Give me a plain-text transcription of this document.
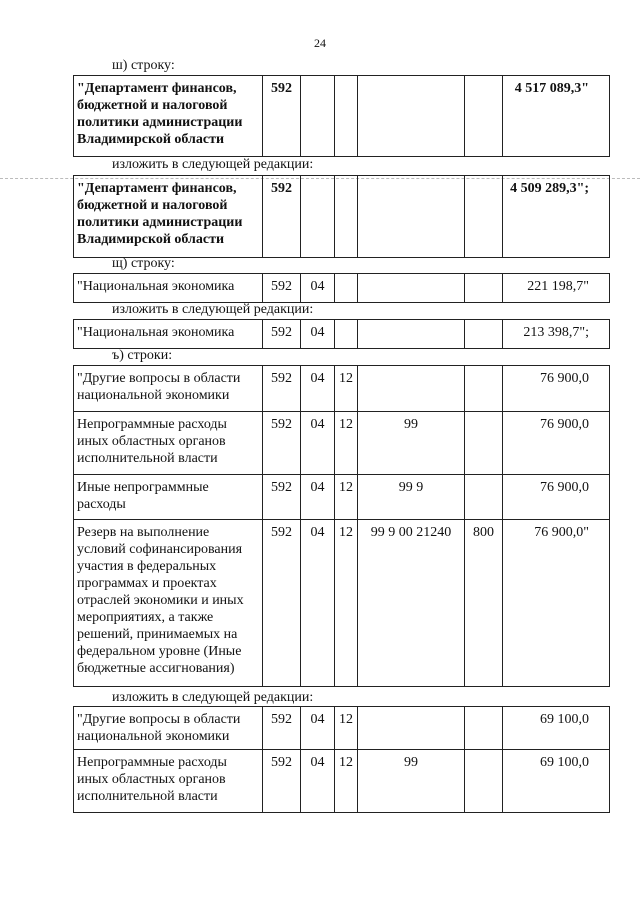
24
ш) строку:
"Департамент финансов, бюджетной и налоговой политики администрации Владимирской области	592					4 517 089,3"
изложить в следующей редакции:
"Департамент финансов, бюджетной и налоговой политики администрации Владимирской области	592					4 509 289,3";
щ) строку:
"Национальная экономика	592	04				221 198,7"
изложить в следующей редакции:
"Национальная экономика	592	04				213 398,7";
ъ) строки:
"Другие вопросы в области национальной экономики	592	04	12			76 900,0
Непрограммные расходы иных областных органов исполнительной власти	592	04	12	99		76 900,0
Иные непрограммные расходы	592	04	12	99 9		76 900,0
Резерв на выполнение условий софинансирования участия в федеральных программах и проектах отраслей экономики и иных мероприятиях, а также решений, принимаемых на федеральном уровне (Иные бюджетные ассигнования)	592	04	12	99 9 00 21240	800	76 900,0"
изложить в следующей редакции:
"Другие вопросы в области национальной экономики	592	04	12			69 100,0
Непрограммные расходы иных областных органов исполнительной власти	592	04	12	99		69 100,0
